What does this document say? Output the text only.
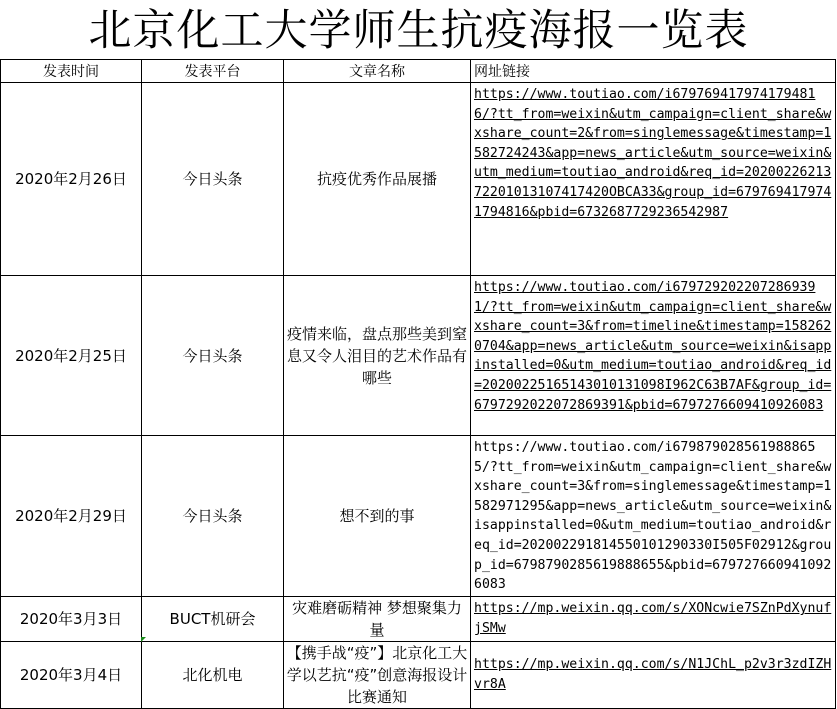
北京化工大学师生抗疫海报一览表
发表时间	发表平台	文章名称	网址链接
2020年2月26日	今日头条	抗疫优秀作品展播	https://www.toutiao.com/i6797694179741794816/?tt_from=weixin&utm_campaign=client_share&wxshare_count=2&from=singlemessage&timestamp=1582724243&app=news_article&utm_source=weixin&utm_medium=toutiao_android&req_id=2020022621372201013107417420OBCA33&group_id=6797694179741794816&pbid=6732687729236542987
2020年2月25日	今日头条	疫情来临，盘点那些美到窒息又令人泪目的艺术作品有哪些	https://www.toutiao.com/i6797292022072869391/?tt_from=weixin&utm_campaign=client_share&wxshare_count=3&from=timeline&timestamp=1582620704&app=news_article&utm_source=weixin&isappinstalled=0&utm_medium=toutiao_android&req_id=20200225165143010131098I962C63B7AF&group_id=6797292022072869391&pbid=6797276609410926083
2020年2月29日	今日头条	想不到的事	https://www.toutiao.com/i6798790285619888655/?tt_from=weixin&utm_campaign=client_share&wxshare_count=3&from=singlemessage&timestamp=1582971295&app=news_article&utm_source=weixin&isappinstalled=0&utm_medium=toutiao_android&req_id=202002291814550101290330I505F02912&group_id=6798790285619888655&pbid=6797276609410926083
2020年3月3日	BUCT机研会	灾难磨砺精神 梦想聚集力量	https://mp.weixin.qq.com/s/XONcwie7SZnPdXynufjSMw
2020年3月4日	北化机电	【携手战“疫”】北京化工大学以艺抗“疫”创意海报设计比赛通知	https://mp.weixin.qq.com/s/N1JChL_p2v3r3zdIZHvr8A
